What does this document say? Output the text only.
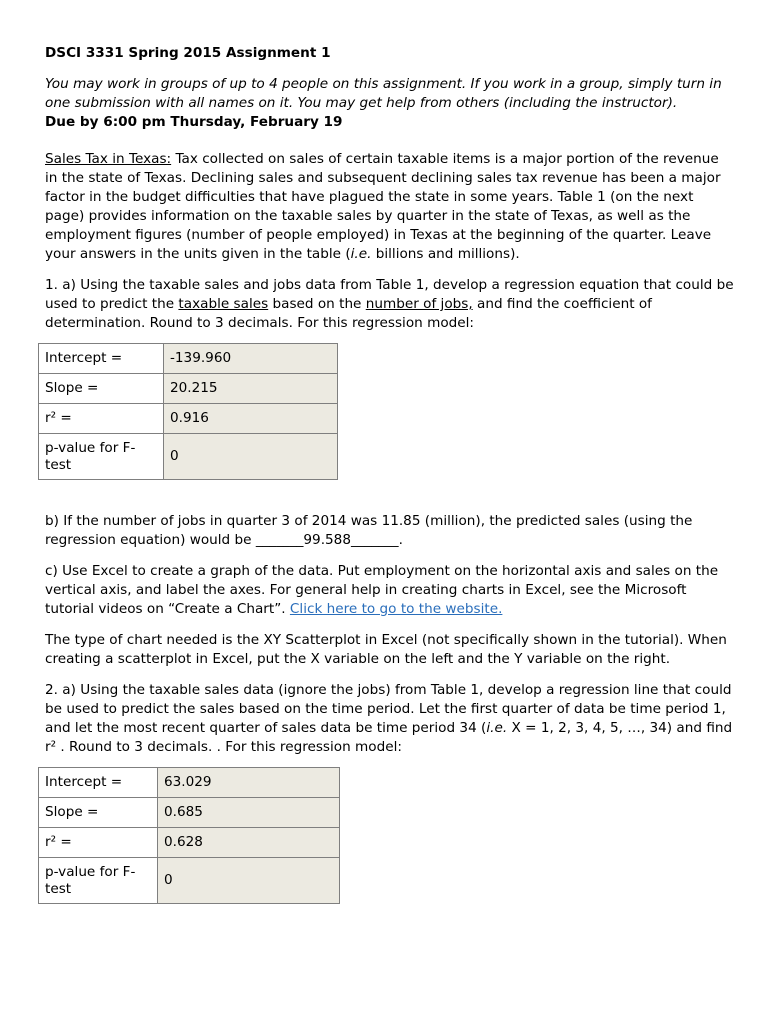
DSCI 3331 Spring 2015 Assignment 1

You may work in groups of up to 4 people on this assignment. If you work in a group, simply turn in one submission with all names on it. You may get help from others (including the instructor).

Due by 6:00 pm Thursday, February 19

Sales Tax in Texas: Tax collected on sales of certain taxable items is a major portion of the revenue in the state of Texas. Declining sales and subsequent declining sales tax revenue has been a major factor in the budget difficulties that have plagued the state in some years. Table 1 (on the next page) provides information on the taxable sales by quarter in the state of Texas, as well as the employment figures (number of people employed) in Texas at the beginning of the quarter. Leave your answers in the units given in the table (i.e. billions and millions).

1. a) Using the taxable sales and jobs data from Table 1, develop a regression equation that could be used to predict the taxable sales based on the number of jobs, and find the coefficient of determination. Round to 3 decimals. For this regression model:

Intercept =	-139.960
Slope =	20.215
r² =	0.916
p-value for F-test	0

b) If the number of jobs in quarter 3 of 2014 was 11.85 (million), the predicted sales (using the regression equation) would be _______99.588_______.

c) Use Excel to create a graph of the data. Put employment on the horizontal axis and sales on the vertical axis, and label the axes. For general help in creating charts in Excel, see the Microsoft tutorial videos on “Create a Chart”. Click here to go to the website.

The type of chart needed is the XY Scatterplot in Excel (not specifically shown in the tutorial). When creating a scatterplot in Excel, put the X variable on the left and the Y variable on the right.

2. a) Using the taxable sales data (ignore the jobs) from Table 1, develop a regression line that could be used to predict the sales based on the time period. Let the first quarter of data be time period 1, and let the most recent quarter of sales data be time period 34 (i.e. X = 1, 2, 3, 4, 5, …, 34) and find r² . Round to 3 decimals. . For this regression model:

Intercept =	63.029
Slope =	0.685
r² =	0.628
p-value for F-test	0
